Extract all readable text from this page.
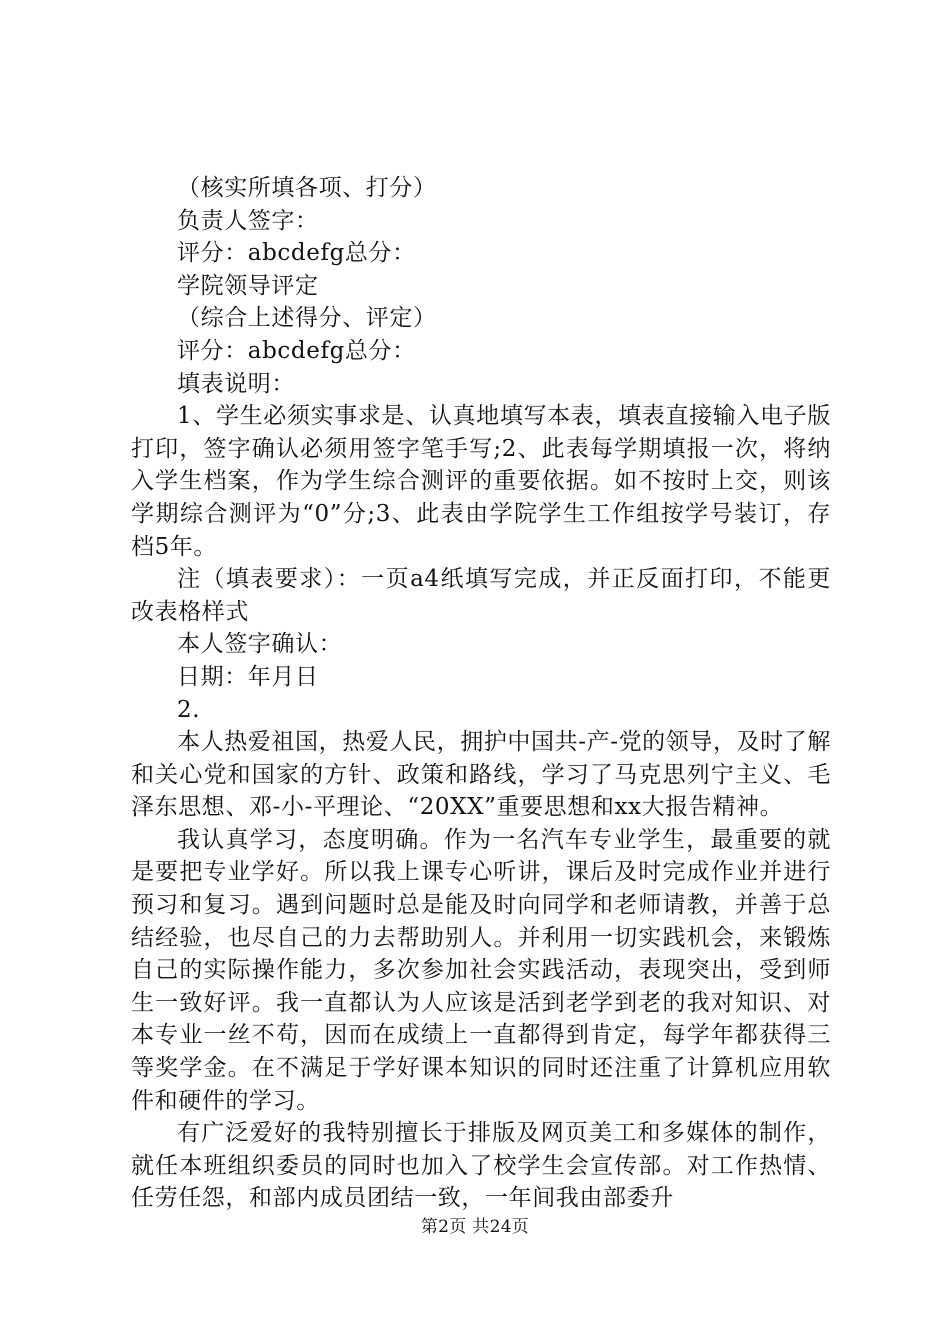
（核实所填各项、打分）

负责人签字：

评分：abcdefg总分：

学院领导评定

（综合上述得分、评定）

评分：abcdefg总分：

填表说明：

1、学生必须实事求是、认真地填写本表，填表直接输入电子版打印，签字确认必须用签字笔手写;2、此表每学期填报一次，将纳入学生档案，作为学生综合测评的重要依据。如不按时上交，则该学期综合测评为“0”分;3、此表由学院学生工作组按学号装订，存档5年。

注（填表要求）：一页a4纸填写完成，并正反面打印，不能更改表格样式

本人签字确认：

日期：年月日

2.

本人热爱祖国，热爱人民，拥护中国共-产-党的领导，及时了解和关心党和国家的方针、政策和路线，学习了马克思列宁主义、毛泽东思想、邓-小-平理论、“20XX”重要思想和xx大报告精神。

我认真学习，态度明确。作为一名汽车专业学生，最重要的就是要把专业学好。所以我上课专心听讲，课后及时完成作业并进行预习和复习。遇到问题时总是能及时向同学和老师请教，并善于总结经验，也尽自己的力去帮助别人。并利用一切实践机会，来锻炼自己的实际操作能力，多次参加社会实践活动，表现突出，受到师生一致好评。我一直都认为人应该是活到老学到老的我对知识、对本专业一丝不苟，因而在成绩上一直都得到肯定，每学年都获得三等奖学金。在不满足于学好课本知识的同时还注重了计算机应用软件和硬件的学习。

有广泛爱好的我特别擅长于排版及网页美工和多媒体的制作，就任本班组织委员的同时也加入了校学生会宣传部。对工作热情、任劳任怨，和部内成员团结一致，一年间我由部委升

第2页 共24页
